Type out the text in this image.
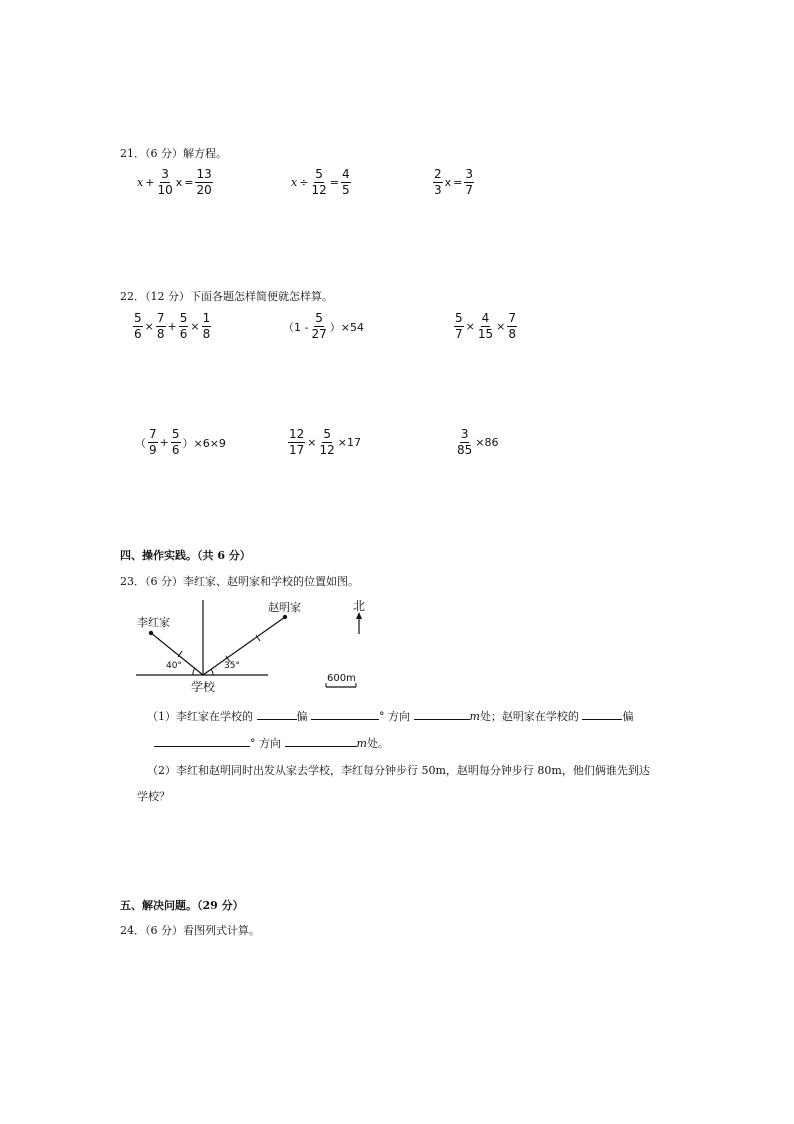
21．（6 分）解方程。
$x + \frac{3}{10}$ $x = \frac{13}{20}$	$x \div \frac{5}{12} = \frac{4}{5}$	$\frac{2}{3}$ $x = \frac{3}{7}$
22．（12 分）下面各题怎样简便就怎样算。
$\frac{5}{6} \times \frac{7}{8} + \frac{5}{6} \times \frac{1}{8}$	$(1 - \frac{5}{27} )\times 54$	$\frac{5}{7} \times \frac{4}{15} \times \frac{7}{8}$
（ $\frac{7}{9} + \frac{5}{6} )\times 6\times 9$	$\frac{12}{17} \times \frac{5}{12} \times 17$	$\frac{3}{85} \times 86$
四、操作实践。（共 6 分）
23．（6 分）李红家、赵明家和学校的位置如图。
李红家
赵明家
学校
北
40°	35°
600m
（1）李红家在学校的	偏	° 方向	m处；赵明家在学校的	偏
° 方向	m处。
（2）李红和赵明同时出发从家去学校，李红每分钟步行 50m，赵明每分钟步行 80m，他们俩谁先到达
学校？
五、解决问题。（29 分）
24．（6 分）看图列式计算。
